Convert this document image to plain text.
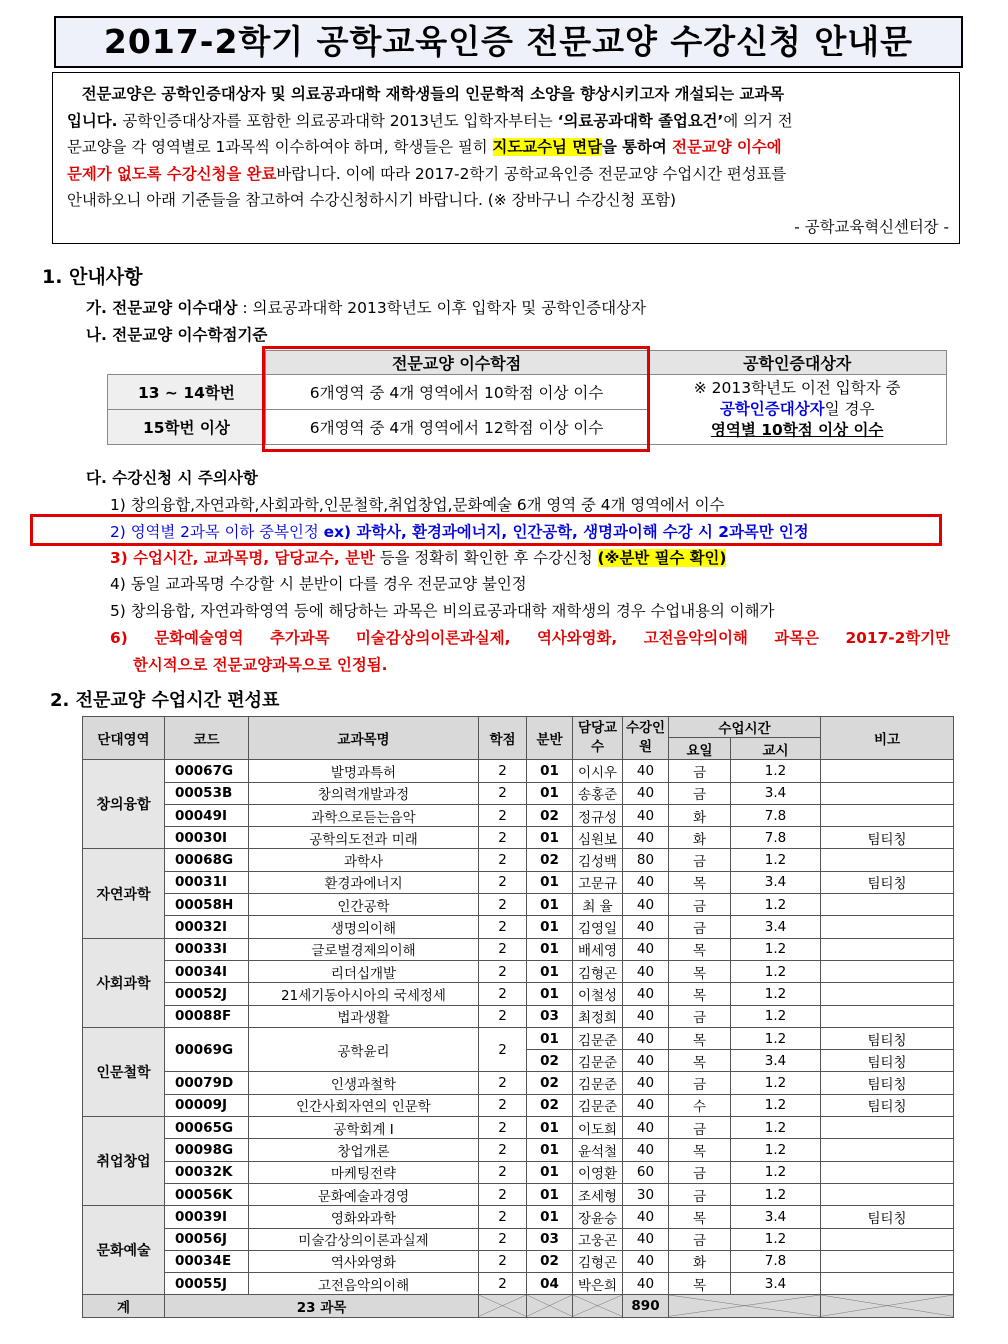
2017-2학기 공학교육인증 전문교양 수강신청 안내문
전문교양은 공학인증대상자 및 의료공과대학 재학생들의 인문학적 소양을 향상시키고자 개설되는 교과목
입니다. 공학인증대상자를 포함한 의료공과대학 2013년도 입학자부터는 ‘의료공과대학 졸업요건’에 의거 전
문교양을 각 영역별로 1과목씩 이수하여야 하며, 학생들은 필히 지도교수님 면담을 통하여 전문교양 이수에
문제가 없도록 수강신청을 완료바랍니다. 이에 따라 2017-2학기 공학교육인증 전문교양 수업시간 편성표를
안내하오니 아래 기준들을 참고하여 수강신청하시기 바랍니다. (※ 장바구니 수강신청 포함)
- 공학교육혁신센터장 -
1. 안내사항
가. 전문교양 이수대상 : 의료공과대학 2013학년도 이후 입학자 및 공학인증대상자
나. 전문교양 이수학점기준
	전문교양 이수학점	공학인증대상자
13 ~ 14학번	6개영역 중 4개 영역에서 10학점 이상 이수	※ 2013학년도 이전 입학자 중
공학인증대상자일 경우
영역별 10학점 이상 이수

15학번 이상	6개영역 중 4개 영역에서 12학점 이상 이수	
다. 수강신청 시 주의사항
1) 창의융합,자연과학,사회과학,인문철학,취업창업,문화예술 6개 영역 중 4개 영역에서 이수
2) 영역별 2과목 이하 중복인정 ex) 과학사, 환경과에너지, 인간공학, 생명과이해 수강 시 2과목만 인정
3) 수업시간, 교과목명, 담당교수, 분반 등을 정확히 확인한 후 수강신청 (※분반 필수 확인)
4) 동일 교과목명 수강할 시 분반이 다를 경우 전문교양 불인정
5) 창의융합, 자연과학영역 등에 해당하는 과목은 비의료공과대학 재학생의 경우 수업내용의 이해가
6) 문화예술영역 추가과목 미술감상의이론과실제, 역사와영화, 고전음악의이해 과목은 2017-2학기만
한시적으로 전문교양과목으로 인정됨.
2. 전문교양 수업시간 편성표
단대영역	코드	교과목명	학점	분반	담당교수	수강인원	수업시간		비고
							요일	교시	
창의융합	00067G	발명과특허	2	01	이시우	40	금	1.2	
	00053B	창의력개발과정	2	01	송홍준	40	금	3.4	
	00049I	과학으로듣는음악	2	02	정규성	40	화	7.8	
	00030I	공학의도전과 미래	2	01	심원보	40	화	7.8	팀티칭
자연과학	00068G	과학사	2	02	김성백	80	금	1.2	
	00031I	환경과에너지	2	01	고문규	40	목	3.4	팀티칭
	00058H	인간공학	2	01	최 율	40	금	1.2	
	00032I	생명의이해	2	01	김영일	40	금	3.4	
사회과학	00033I	글로벌경제의이해	2	01	배세영	40	목	1.2	
	00034I	리더십개발	2	01	김형곤	40	목	1.2	
	00052J	21세기동아시아의 국세정세	2	01	이철성	40	목	1.2	
	00088F	법과생활	2	03	최정희	40	금	1.2	
인문철학	00069G	공학윤리	2	01	김문준	40	목	1.2	팀티칭
				02	김문준	40	목	3.4	팀티칭
	00079D	인생과철학	2	02	김문준	40	금	1.2	팀티칭
	00009J	인간사회자연의 인문학	2	02	김문준	40	수	1.2	팀티칭
취업창업	00065G	공학회계 I	2	01	이도희	40	금	1.2	
	00098G	창업개론	2	01	윤석철	40	목	1.2	
	00032K	마케팅전략	2	01	이영환	60	금	1.2	
	00056K	문화예술과경영	2	01	조세형	30	금	1.2	
문화예술	00039I	영화와과학	2	01	장윤승	40	목	3.4	팀티칭
	00056J	미술감상의이론과실제	2	03	고웅곤	40	금	1.2	
	00034E	역사와영화	2	02	김형곤	40	화	7.8	
	00055J	고전음악의이해	2	04	박은희	40	목	3.4	
계	23 과목					890	
